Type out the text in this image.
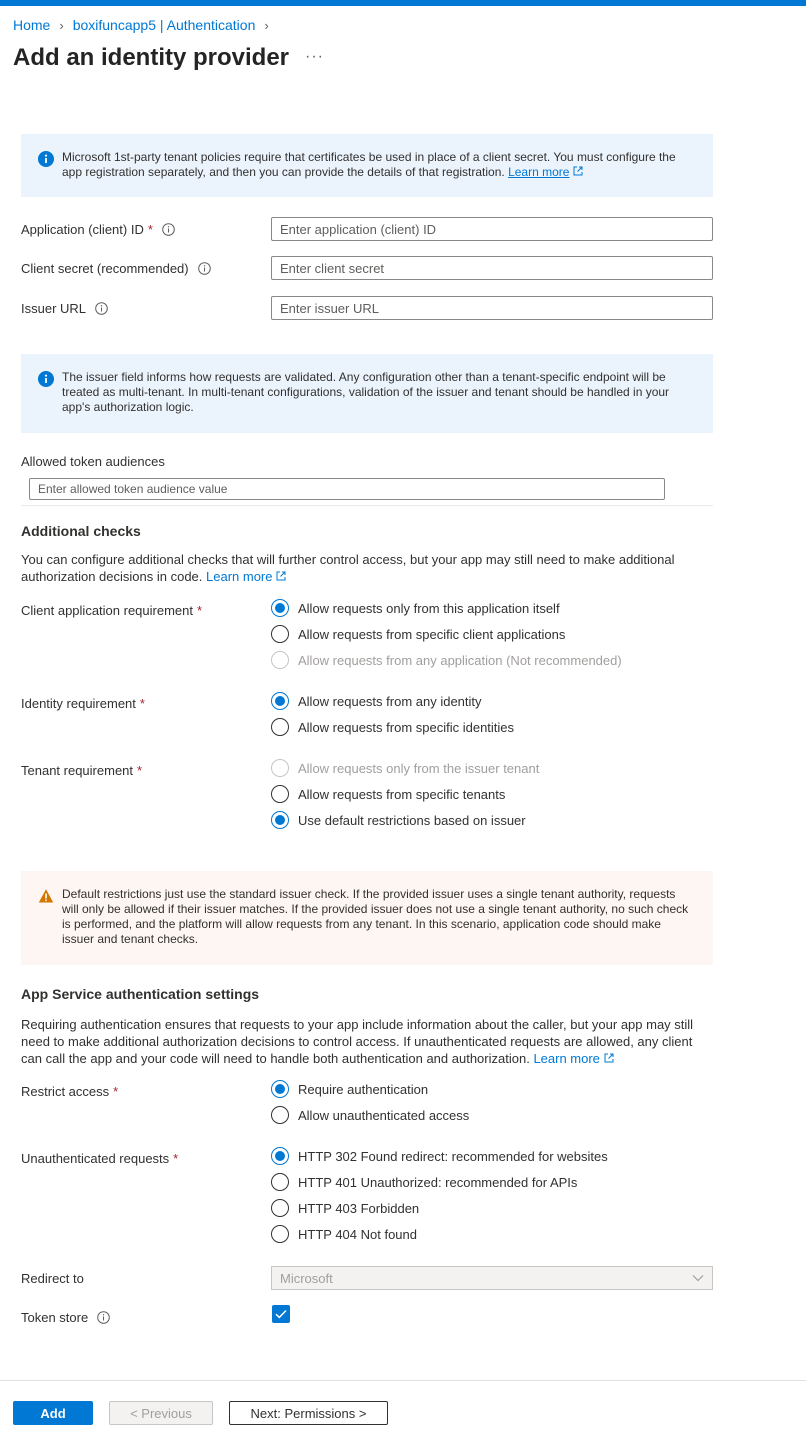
Home › boxifuncapp5 | Authentication ›
Add an identity provider ···
Microsoft 1st-party tenant policies require that certificates be used in place of a client secret. You must configure the app registration separately, and then you can provide the details of that registration. Learn more
Application (client) ID *
Enter application (client) ID
Client secret (recommended)
Enter client secret
Issuer URL
Enter issuer URL
The issuer field informs how requests are validated. Any configuration other than a tenant-specific endpoint will be treated as multi-tenant. In multi-tenant configurations, validation of the issuer and tenant should be handled in your app's authorization logic.
Allowed token audiences
Enter allowed token audience value
Additional checks
You can configure additional checks that will further control access, but your app may still need to make additional authorization decisions in code. Learn more
Client application requirement *	Allow requests only from this application itself
Allow requests from specific client applications
Allow requests from any application (Not recommended)
Identity requirement *	Allow requests from any identity
Allow requests from specific identities
Tenant requirement *	Allow requests only from the issuer tenant
Allow requests from specific tenants
Use default restrictions based on issuer
Default restrictions just use the standard issuer check. If the provided issuer uses a single tenant authority, requests will only be allowed if their issuer matches. If the provided issuer does not use a single tenant authority, no such check is performed, and the platform will allow requests from any tenant. In this scenario, application code should make issuer and tenant checks.
App Service authentication settings
Requiring authentication ensures that requests to your app include information about the caller, but your app may still need to make additional authorization decisions to control access. If unauthenticated requests are allowed, any client can call the app and your code will need to handle both authentication and authorization. Learn more
Restrict access *	Require authentication
Allow unauthenticated access
Unauthenticated requests *	HTTP 302 Found redirect: recommended for websites
HTTP 401 Unauthorized: recommended for APIs
HTTP 403 Forbidden
HTTP 404 Not found
Redirect to	Microsoft
Token store
Add	< Previous	Next: Permissions >
